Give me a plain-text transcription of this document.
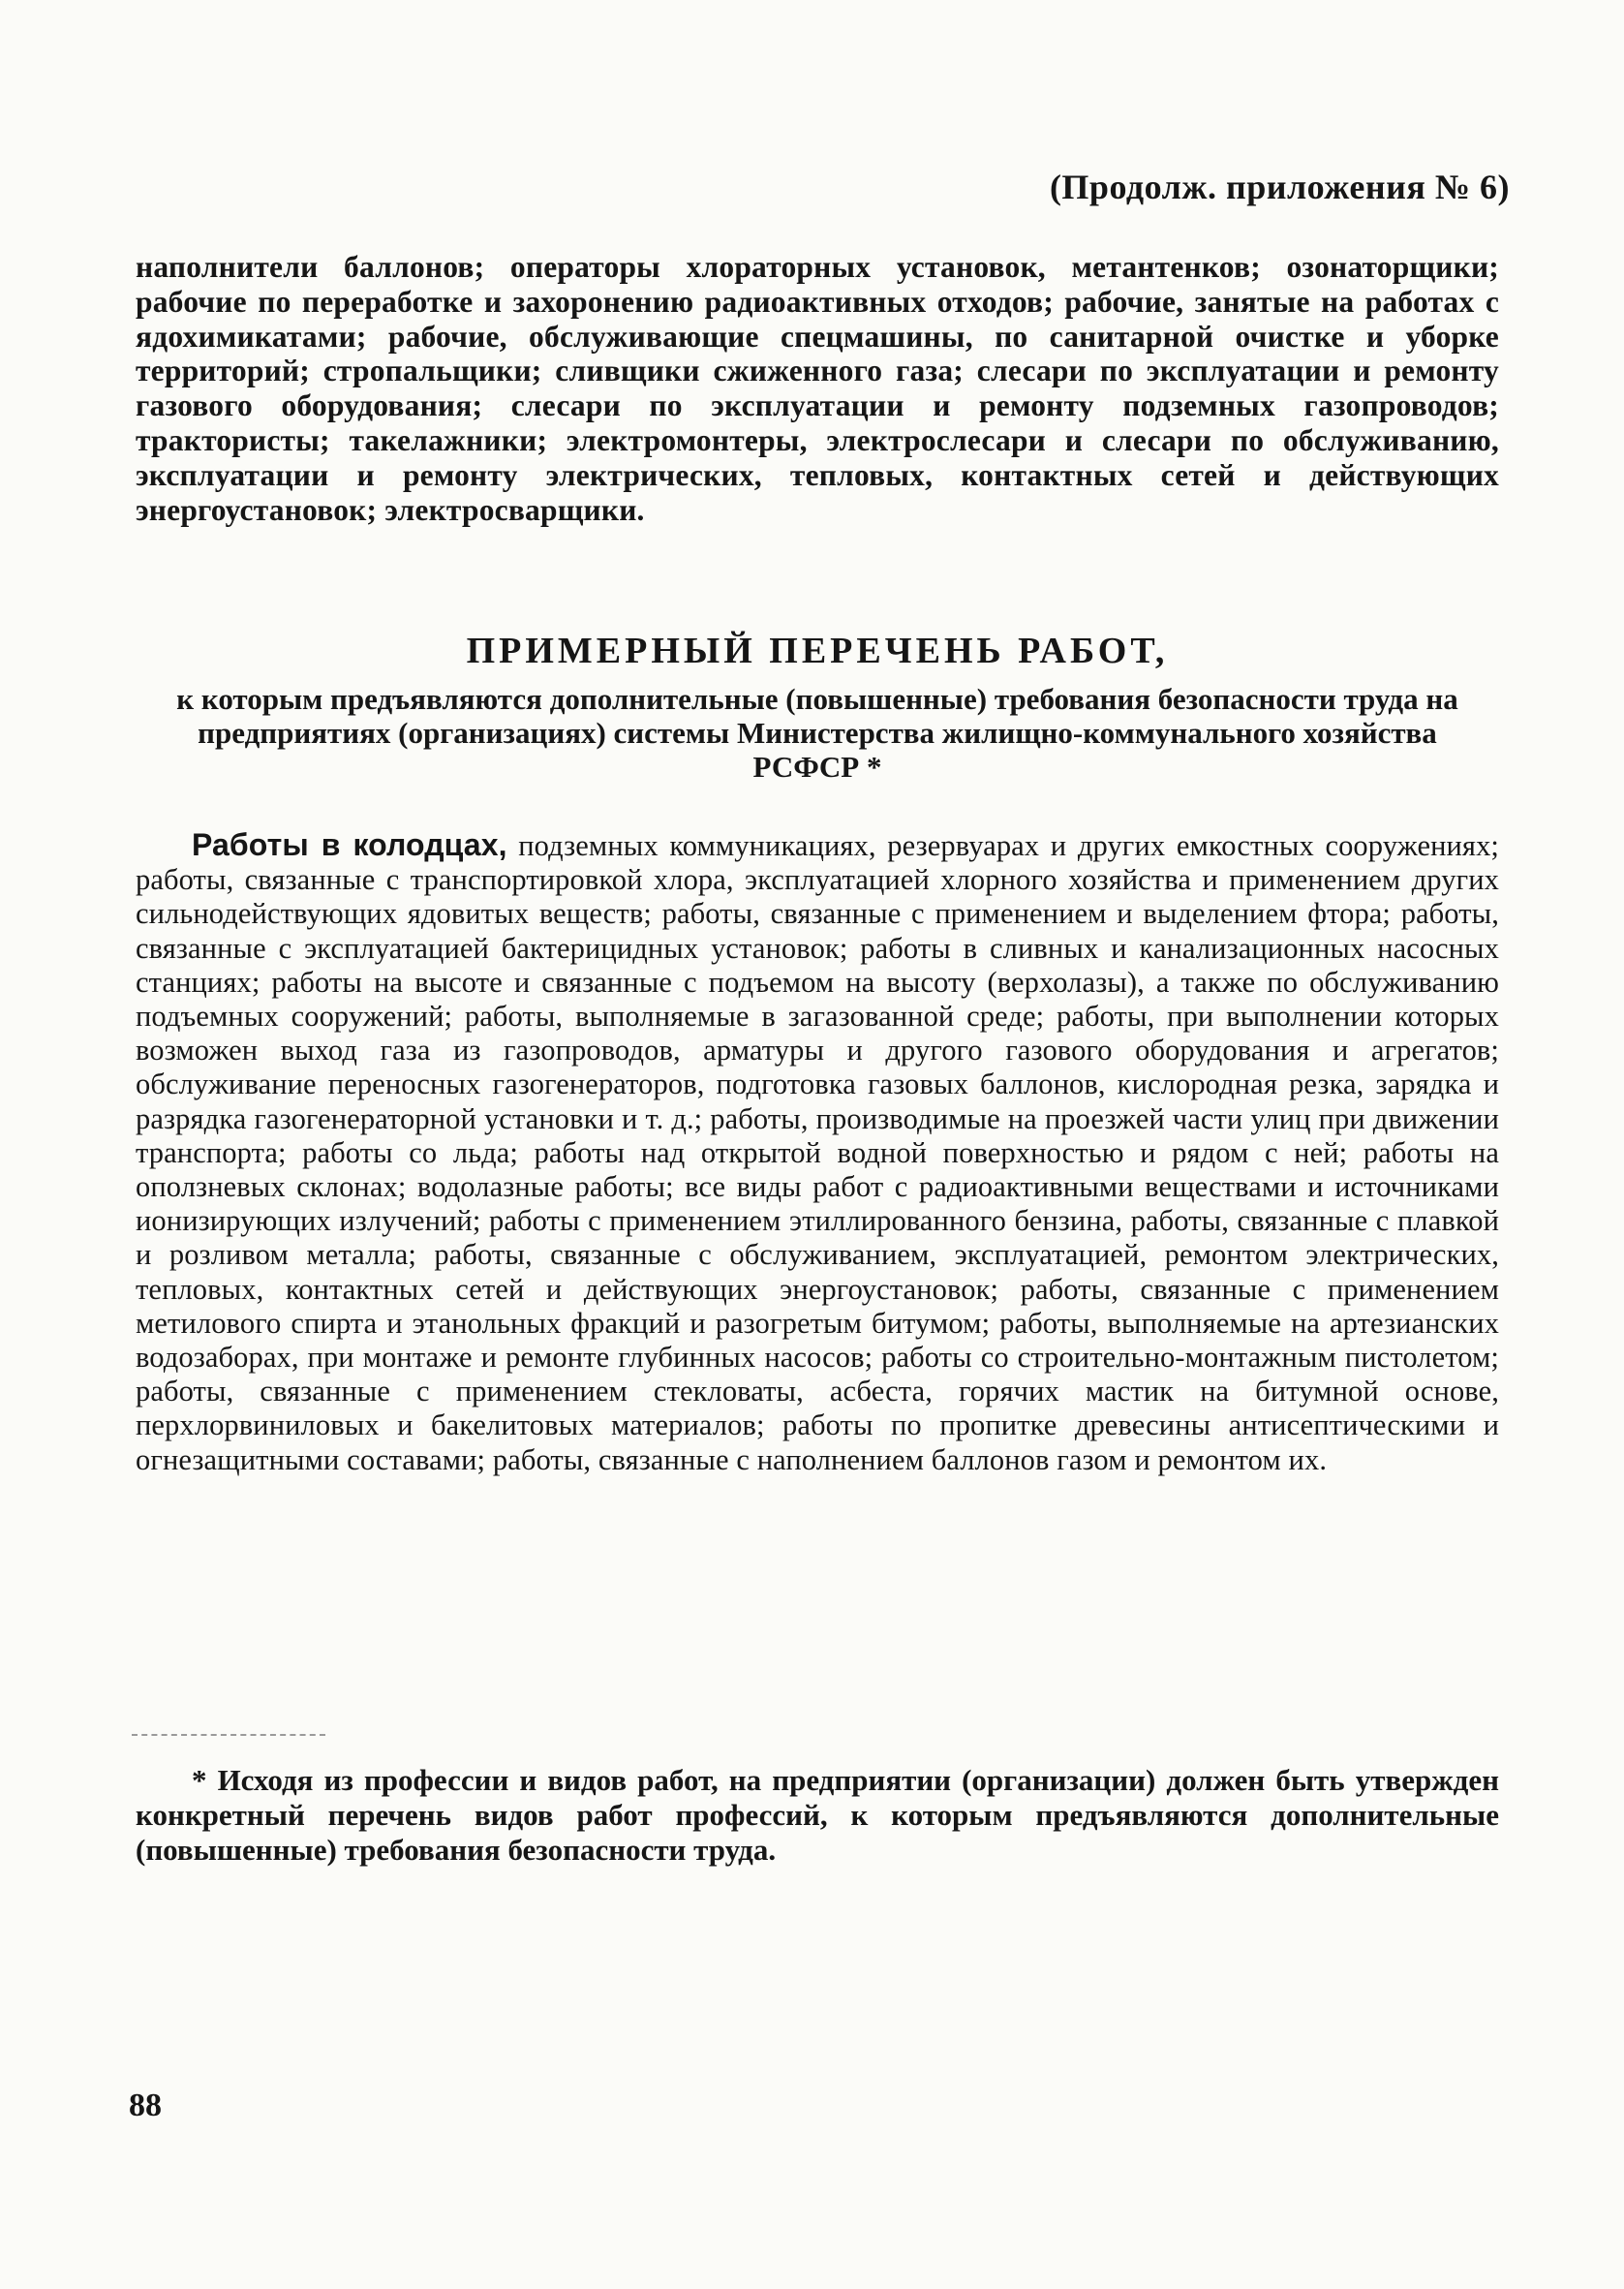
(Продолж. приложения № 6)

наполнители баллонов; операторы хлораторных установок, метантенков; озонаторщики; рабочие по переработке и захоронению радиоактивных отходов; рабочие, занятые на работах с ядохимикатами; рабочие, обслуживающие спецмашины, по санитарной очистке и уборке территорий; стропальщики; сливщики сжиженного газа; слесари по эксплуатации и ремонту газового оборудования; слесари по эксплуатации и ремонту подземных газопроводов; трактористы; такелажники; электромонтеры, электрослесари и слесари по обслуживанию, эксплуатации и ремонту электрических, тепловых, контактных сетей и действующих энергоустановок; электросварщики.

ПРИМЕРНЫЙ ПЕРЕЧЕНЬ РАБОТ,

к которым предъявляются дополнительные (повышенные) требования безопасности труда на предприятиях (организациях) системы Министерства жилищно-коммунального хозяйства РСФСР *

Работы в колодцах, подземных коммуникациях, резервуарах и других емкостных сооружениях; работы, связанные с транспортировкой хлора, эксплуатацией хлорного хозяйства и применением других сильнодействующих ядовитых веществ; работы, связанные с применением и выделением фтора; работы, связанные с эксплуатацией бактерицидных установок; работы в сливных и канализационных насосных станциях; работы на высоте и связанные с подъемом на высоту (верхолазы), а также по обслуживанию подъемных сооружений; работы, выполняемые в загазованной среде; работы, при выполнении которых возможен выход газа из газопроводов, арматуры и другого газового оборудования и агрегатов; обслуживание переносных газогенераторов, подготовка газовых баллонов, кислородная резка, зарядка и разрядка газогенераторной установки и т. д.; работы, производимые на проезжей части улиц при движении транспорта; работы со льда; работы над открытой водной поверхностью и рядом с ней; работы на оползневых склонах; водолазные работы; все виды работ с радиоактивными веществами и источниками ионизирующих излучений; работы с применением этиллированного бензина, работы, связанные с плавкой и розливом металла; работы, связанные с обслуживанием, эксплуатацией, ремонтом электрических, тепловых, контактных сетей и действующих энергоустановок; работы, связанные с применением метилового спирта и этанольных фракций и разогретым битумом; работы, выполняемые на артезианских водозаборах, при монтаже и ремонте глубинных насосов; работы со строительно-монтажным пистолетом; работы, связанные с применением стекловаты, асбеста, горячих мастик на битумной основе, перхлорвиниловых и бакелитовых материалов; работы по пропитке древесины антисептическими и огнезащитными составами; работы, связанные с наполнением баллонов газом и ремонтом их.

* Исходя из профессии и видов работ, на предприятии (организации) должен быть утвержден конкретный перечень видов работ профессий, к которым предъявляются дополнительные (повышенные) требования безопасности труда.

88
